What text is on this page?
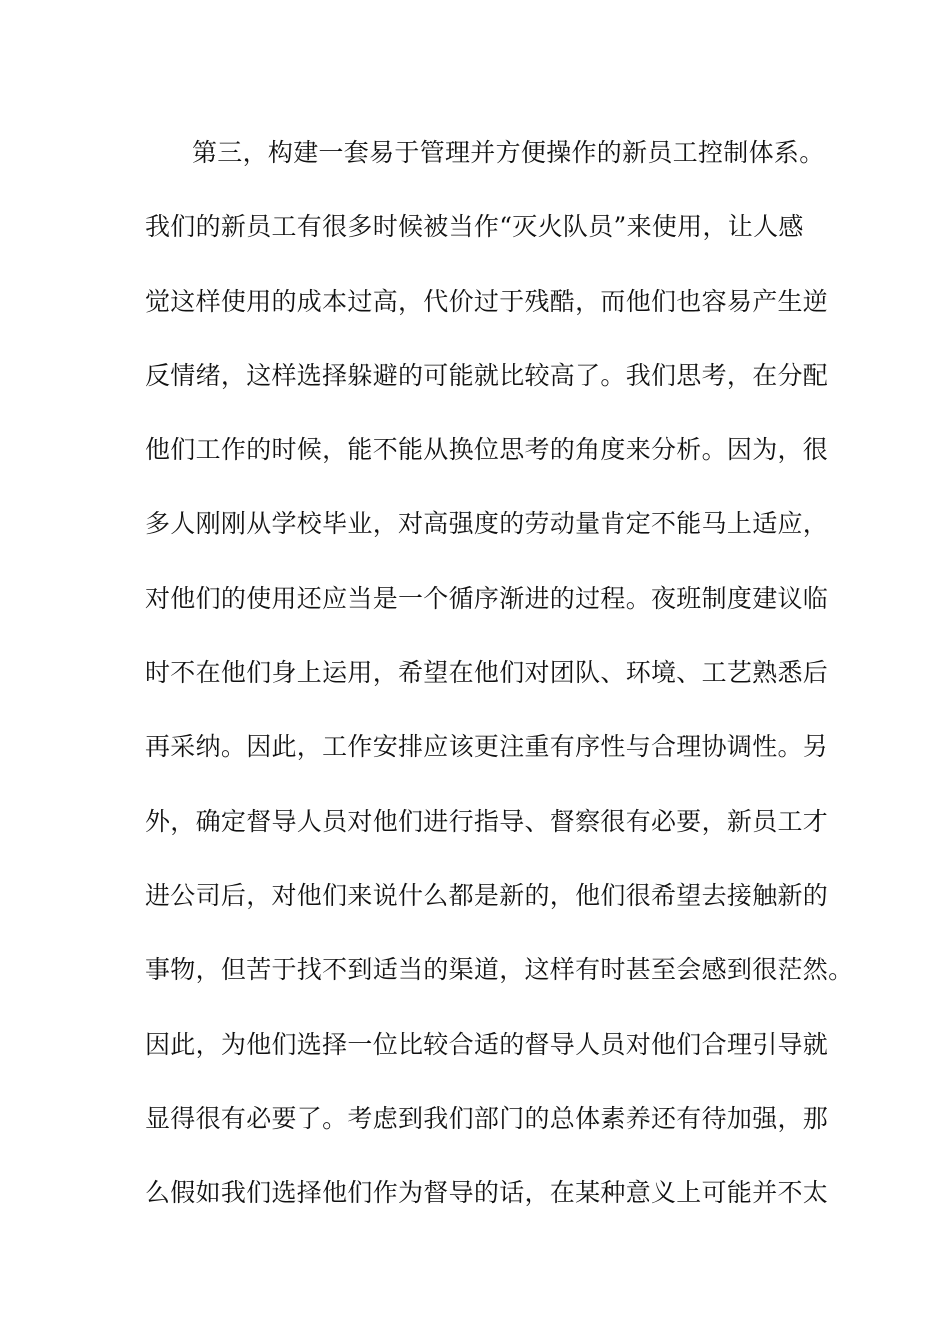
第三，构建一套易于管理并方便操作的新员工控制体系。
我们的新员工有很多时候被当作“灭火队员”来使用，让人感
觉这样使用的成本过高，代价过于残酷，而他们也容易产生逆
反情绪，这样选择躲避的可能就比较高了。我们思考，在分配
他们工作的时候，能不能从换位思考的角度来分析。因为，很
多人刚刚从学校毕业，对高强度的劳动量肯定不能马上适应，
对他们的使用还应当是一个循序渐进的过程。夜班制度建议临
时不在他们身上运用，希望在他们对团队、环境、工艺熟悉后
再采纳。因此，工作安排应该更注重有序性与合理协调性。另
外，确定督导人员对他们进行指导、督察很有必要，新员工才
进公司后，对他们来说什么都是新的，他们很希望去接触新的
事物，但苦于找不到适当的渠道，这样有时甚至会感到很茫然。
因此，为他们选择一位比较合适的督导人员对他们合理引导就
显得很有必要了。考虑到我们部门的总体素养还有待加强，那
么假如我们选择他们作为督导的话，在某种意义上可能并不太
